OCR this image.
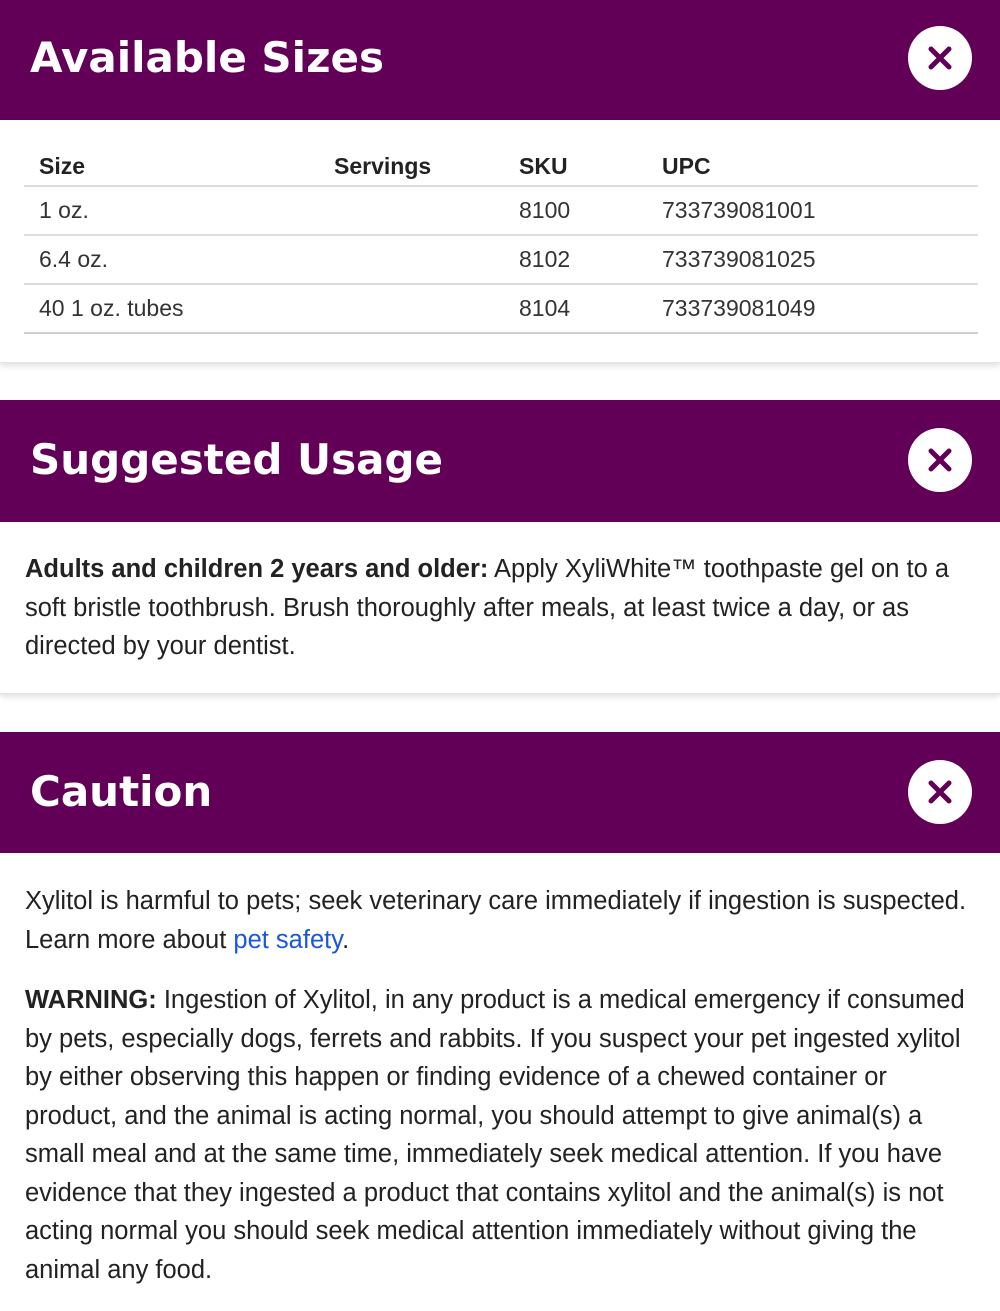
Available Sizes
Size	Servings	SKU	UPC
1 oz.		8100	733739081001
6.4 oz.		8102	733739081025
40 1 oz. tubes		8104	733739081049
Suggested Usage

Adults and children 2 years and older: Apply XyliWhite™ toothpaste gel on to a soft bristle toothbrush. Brush thoroughly after meals, at least twice a day, or as directed by your dentist.

Caution

Xylitol is harmful to pets; seek veterinary care immediately if ingestion is suspected. Learn more about pet safety.

WARNING: Ingestion of Xylitol, in any product is a medical emergency if consumed by pets, especially dogs, ferrets and rabbits. If you suspect your pet ingested xylitol by either observing this happen or finding evidence of a chewed container or product, and the animal is acting normal, you should attempt to give animal(s) a small meal and at the same time, immediately seek medical attention. If you have evidence that they ingested a product that contains xylitol and the animal(s) is not acting normal you should seek medical attention immediately without giving the animal any food.
